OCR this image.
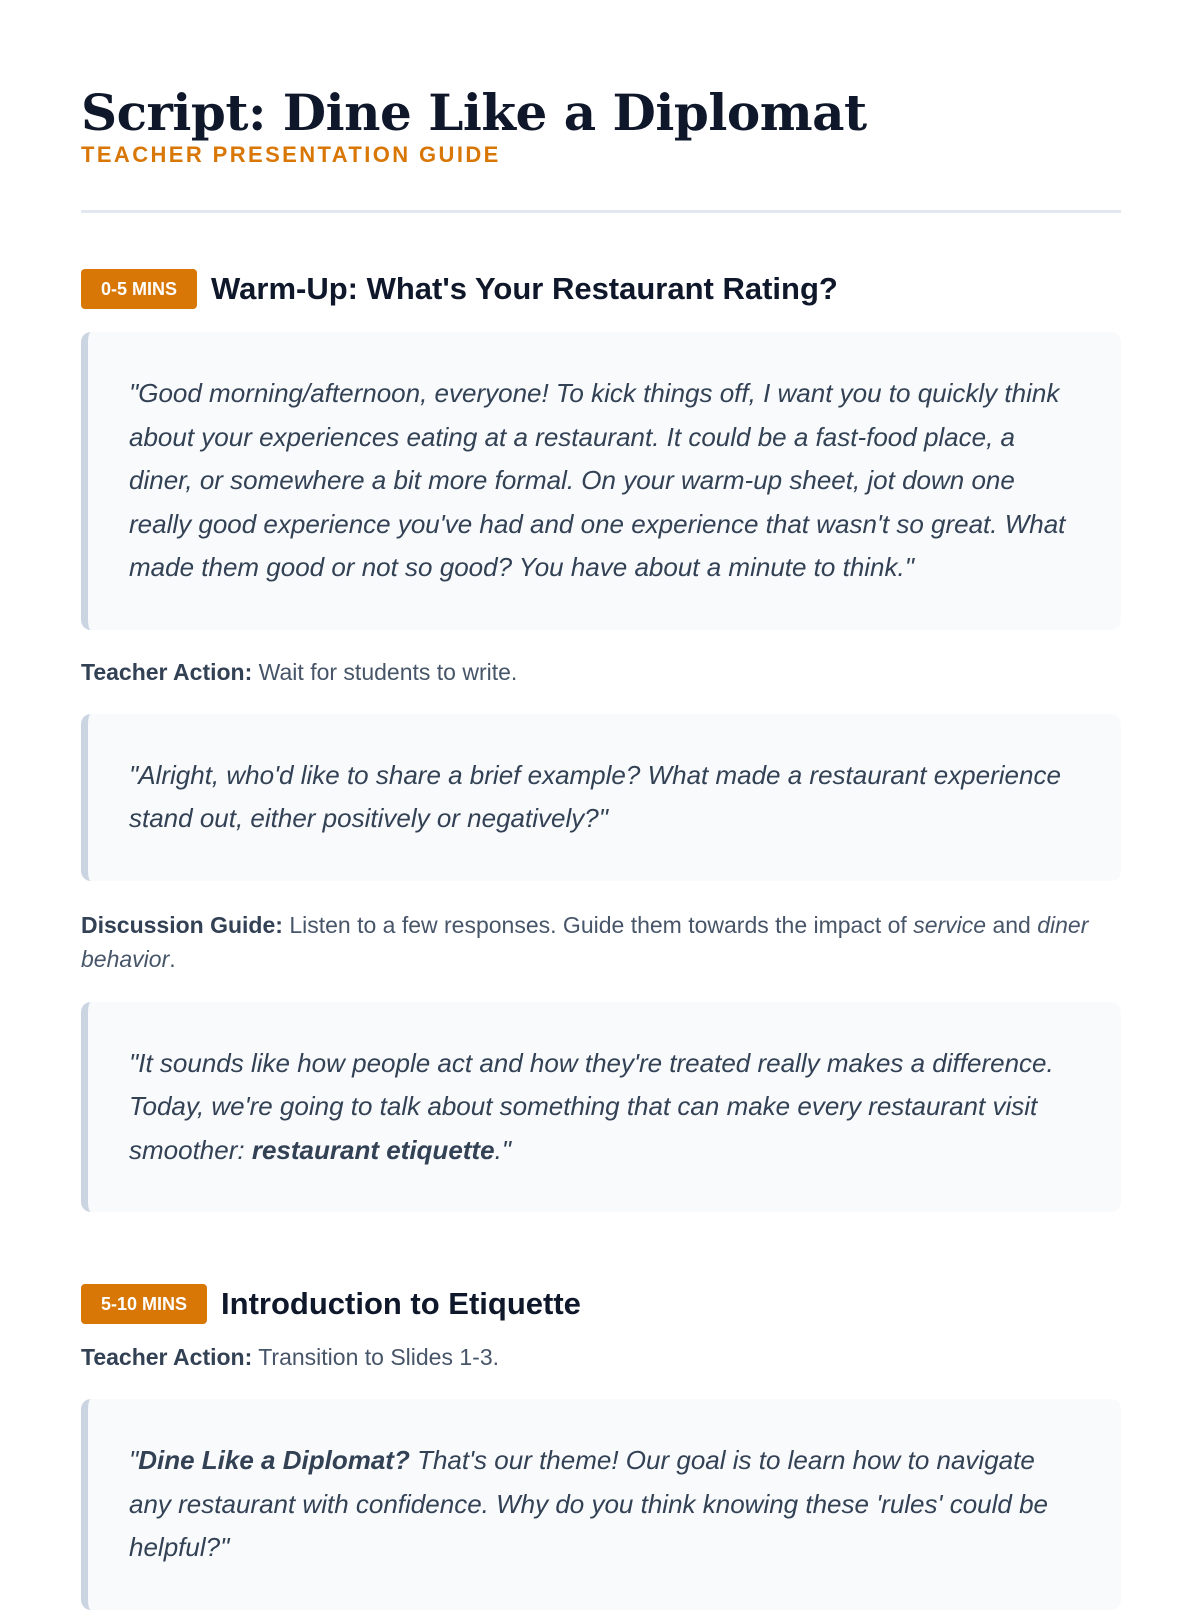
Script: Dine Like a Diplomat
TEACHER PRESENTATION GUIDE
0-5 MINS	Warm-Up: What's Your Restaurant Rating?
"Good morning/afternoon, everyone! To kick things off, I want you to quickly think about your experiences eating at a restaurant. It could be a fast-food place, a diner, or somewhere a bit more formal. On your warm-up sheet, jot down one really good experience you've had and one experience that wasn't so great. What made them good or not so good? You have about a minute to think."
Teacher Action: Wait for students to write.
"Alright, who'd like to share a brief example? What made a restaurant experience stand out, either positively or negatively?"
Discussion Guide: Listen to a few responses. Guide them towards the impact of service and diner behavior.
"It sounds like how people act and how they're treated really makes a difference. Today, we're going to talk about something that can make every restaurant visit smoother: restaurant etiquette."
5-10 MINS	Introduction to Etiquette
Teacher Action: Transition to Slides 1-3.
"Dine Like a Diplomat? That's our theme! Our goal is to learn how to navigate any restaurant with confidence. Why do you think knowing these 'rules' could be helpful?"
